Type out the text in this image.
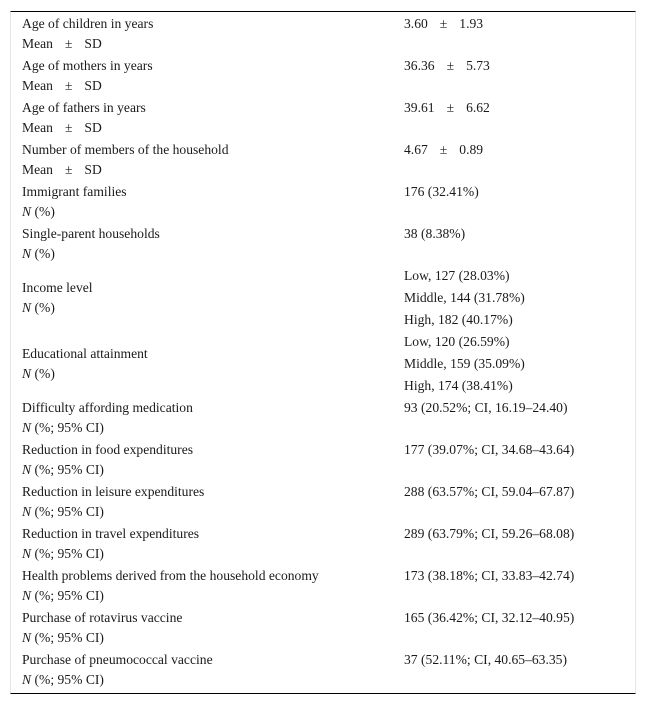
Age of children in years
Mean ± SD
3.60 ± 1.93
Age of mothers in years
Mean ± SD
36.36 ± 5.73
Age of fathers in years
Mean ± SD
39.61 ± 6.62
Number of members of the household
Mean ± SD
4.67 ± 0.89
Immigrant families
N (%)
176 (32.41%)
Single-parent households
N (%)
38 (8.38%)
Income level
N (%)
Low, 127 (28.03%)
Middle, 144 (31.78%)
High, 182 (40.17%)
Educational attainment
N (%)
Low, 120 (26.59%)
Middle, 159 (35.09%)
High, 174 (38.41%)
Difficulty affording medication
N (%; 95% CI)
93 (20.52%; CI, 16.19–24.40)
Reduction in food expenditures
N (%; 95% CI)
177 (39.07%; CI, 34.68–43.64)
Reduction in leisure expenditures
N (%; 95% CI)
288 (63.57%; CI, 59.04–67.87)
Reduction in travel expenditures
N (%; 95% CI)
289 (63.79%; CI, 59.26–68.08)
Health problems derived from the household economy
N (%; 95% CI)
173 (38.18%; CI, 33.83–42.74)
Purchase of rotavirus vaccine
N (%; 95% CI)
165 (36.42%; CI, 32.12–40.95)
Purchase of pneumococcal vaccine
N (%; 95% CI)
37 (52.11%; CI, 40.65–63.35)
